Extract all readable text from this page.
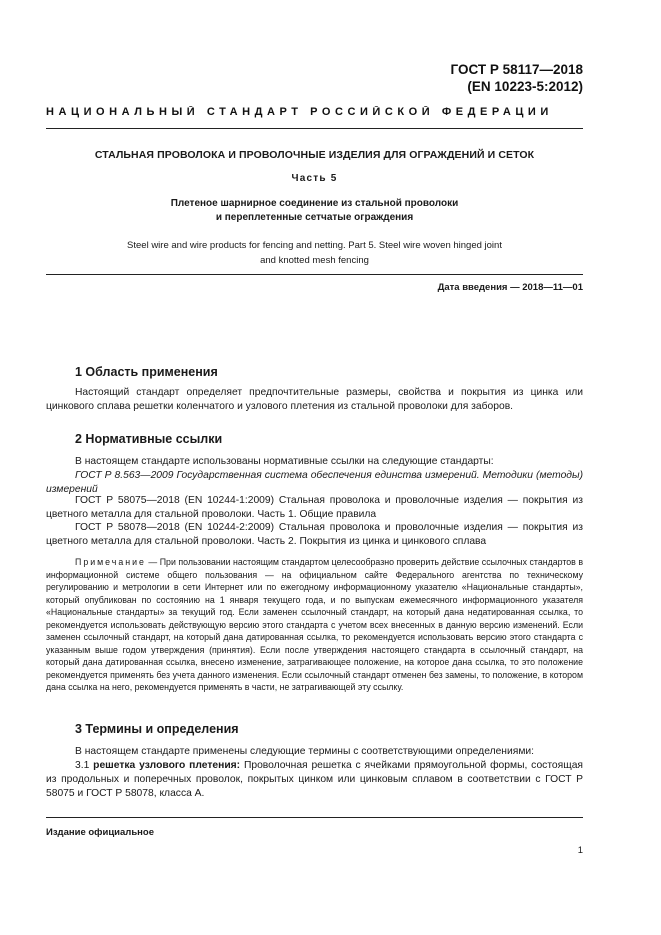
ГОСТ Р 58117—2018
(EN 10223-5:2012)
НАЦИОНАЛЬНЫЙ СТАНДАРТ РОССИЙСКОЙ ФЕДЕРАЦИИ
СТАЛЬНАЯ ПРОВОЛОКА И ПРОВОЛОЧНЫЕ ИЗДЕЛИЯ ДЛЯ ОГРАЖДЕНИЙ И СЕТОК
Часть 5
Плетеное шарнирное соединение из стальной проволоки
и переплетенные сетчатые ограждения
Steel wire and wire products for fencing and netting. Part 5. Steel wire woven hinged joint
and knotted mesh fencing
Дата введения — 2018—11—01
1 Область применения
Настоящий стандарт определяет предпочтительные размеры, свойства и покрытия из цинка или цинкового сплава решетки коленчатого и узлового плетения из стальной проволоки для заборов.
2 Нормативные ссылки
В настоящем стандарте использованы нормативные ссылки на следующие стандарты:
ГОСТ Р 8.563—2009 Государственная система обеспечения единства измерений. Методики (методы) измерений
ГОСТ Р 58075—2018 (EN 10244-1:2009) Стальная проволока и проволочные изделия — покрытия из цветного металла для стальной проволоки. Часть 1. Общие правила
ГОСТ Р 58078—2018 (EN 10244-2:2009) Стальная проволока и проволочные изделия — покрытия из цветного металла для стальной проволоки. Часть 2. Покрытия из цинка и цинкового сплава
Примечание — При пользовании настоящим стандартом целесообразно проверить действие ссылочных стандартов в информационной системе общего пользования — на официальном сайте Федерального агентства по техническому регулированию и метрологии в сети Интернет или по ежегодному информационному указателю «Национальные стандарты», который опубликован по состоянию на 1 января текущего года, и по выпускам ежемесячного информационного указателя «Национальные стандарты» за текущий год. Если заменен ссылочный стандарт, на который дана недатированная ссылка, то рекомендуется использовать действующую версию этого стандарта с учетом всех внесенных в данную версию изменений. Если заменен ссылочный стандарт, на который дана датированная ссылка, то рекомендуется использовать версию этого стандарта с указанным выше годом утверждения (принятия). Если после утверждения настоящего стандарта в ссылочный стандарт, на который дана датированная ссылка, внесено изменение, затрагивающее положение, на которое дана ссылка, то это положение рекомендуется применять без учета данного изменения. Если ссылочный стандарт отменен без замены, то положение, в котором дана ссылка на него, рекомендуется применять в части, не затрагивающей эту ссылку.
3 Термины и определения
В настоящем стандарте применены следующие термины с соответствующими определениями:
3.1 решетка узлового плетения: Проволочная решетка с ячейками прямоугольной формы, состоящая из продольных и поперечных проволок, покрытых цинком или цинковым сплавом в соответствии с ГОСТ Р 58075 и ГОСТ Р 58078, класса А.
Издание официальное
1
